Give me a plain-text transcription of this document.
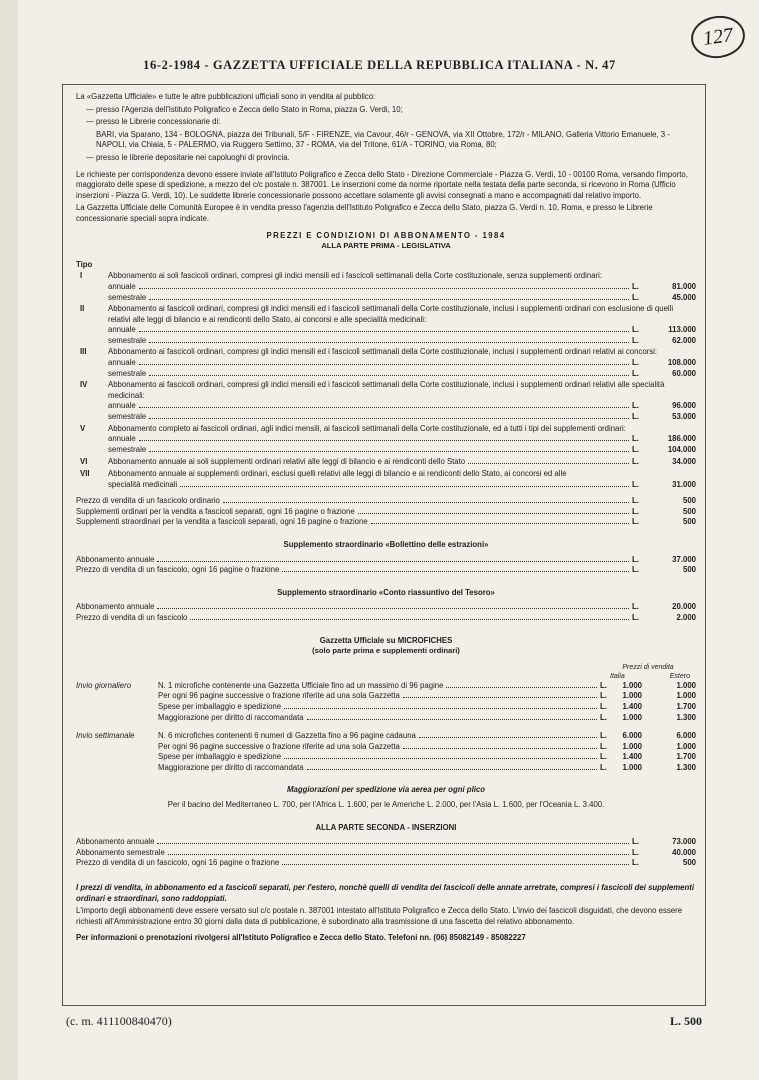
127
16-2-1984 - GAZZETTA UFFICIALE DELLA REPUBBLICA ITALIANA - N. 47
La «Gazzetta Ufficiale» e tutte le altre pubblicazioni ufficiali sono in vendita al pubblico:
— presso l'Agenzia dell'Istituto Poligrafico e Zecca dello Stato in Roma, piazza G. Verdi, 10;
— presso le Librerie concessionarie di:
BARI, via Sparano, 134 - BOLOGNA, piazza dei Tribunali, 5/F - FIRENZE, via Cavour, 46/r - GENOVA, via XII Ottobre, 172/r - MILANO, Galleria Vittorio Emanuele, 3 - NAPOLI, via Chiaia, 5 - PALERMO, via Ruggero Settimo, 37 - ROMA, via del Tritone, 61/A - TORINO, via Roma, 80;
— presso le librerie depositarie nei capoluoghi di provincia.
Le richieste per corrispondenza devono essere inviate all'Istituto Poligrafico e Zecca dello Stato - Direzione Commerciale - Piazza G. Verdi, 10 - 00100 Roma, versando l'importo, maggiorato delle spese di spedizione, a mezzo del c/c postale n. 387001. Le inserzioni come da norme riportate nella testata della parte seconda, si ricevono in Roma (Ufficio inserzioni - Piazza G. Verdi, 10). Le suddette librerie concessionarie possono accettare solamente gli avvisi consegnati a mano e accompagnati dal relativo importo.
La Gazzetta Ufficiale delle Comunità Europee è in vendita presso l'agenzia dell'Istituto Poligrafico e Zecca dello Stato, piazza G. Verdi n. 10, Roma, e presso le Librerie concessionarie speciali sopra indicate.
PREZZI E CONDIZIONI DI ABBONAMENTO - 1984
ALLA PARTE PRIMA - LEGISLATIVA
Tipo
I	Abbonamento ai soli fascicoli ordinari, compresi gli indici mensili ed i fascicoli settimanali della Corte costituzionale, senza supplementi ordinari:
annuale	L.	81.000
semestrale	L.	45.000
II	Abbonamento ai fascicoli ordinari, compresi gli indici mensili ed i fascicoli settimanali della Corte costituzionale, inclusi i supplementi ordinari con esclusione di quelli relativi alle leggi di bilancio e ai rendiconti dello Stato, ai concorsi e alle specialità medicinali:
annuale	L.	113.000
semestrale	L.	62.000
III	Abbonamento ai fascicoli ordinari, compresi gli indici mensili ed i fascicoli settimanali della Corte costituzionale, inclusi i supplementi ordinari relativi ai concorsi:
annuale	L.	108.000
semestrale	L.	60.000
IV	Abbonamento ai fascicoli ordinari, compresi gli indici mensili ed i fascicoli settimanali della Corte costituzionale, inclusi i supplementi ordinari relativi alle specialità medicinali:
annuale	L.	96.000
semestrale	L.	53.000
V	Abbonamento completo ai fascicoli ordinari, agli indici mensili, ai fascicoli settimanali della Corte costituzionale, ed a tutti i tipi dei supplementi ordinari:
annuale	L.	186.000
semestrale	L.	104.000
VI	Abbonamento annuale ai soli supplementi ordinari relativi alle leggi di bilancio e ai rendiconti dello Stato	L.	34.000
VII	Abbonamento annuale ai supplementi ordinari, esclusi quelli relativi alle leggi di bilancio e ai rendiconti dello Stato, ai concorsi ed alle
specialità medicinali	L.	31.000
Prezzo di vendita di un fascicolo ordinario	L.	500
Supplementi ordinari per la vendita a fascicoli separati, ogni 16 pagine o frazione	L.	500
Supplementi straordinari per la vendita a fascicoli separati, ogni 16 pagine o frazione	L.	500
Supplemento straordinario «Bollettino delle estrazioni»
Abbonamento annuale	L.	37.000
Prezzo di vendita di un fascicolo, ogni 16 pagine o frazione	L.	500
Supplemento straordinario «Conto riassuntivo del Tesoro»
Abbonamento annuale	L.	20.000
Prezzo di vendita di un fascicolo	L.	2.000
Gazzetta Ufficiale su MICROFICHES
(solo parte prima e supplementi ordinari)
Prezzi di vendita
Italia	Estero
Invio giornaliero	N. 1 microfiche contenente una Gazzetta Ufficiale fino ad un massimo di 96 pagine	L.	1.000	1.000
Per ogni 96 pagine successive o frazione riferite ad una sola Gazzetta	L.	1.000	1.000
Spese per imballaggio e spedizione	L.	1.400	1.700
Maggiorazione per diritto di raccomandata	L.	1.000	1.300
Invio settimanale	N. 6 microfiches contenenti 6 numeri di Gazzetta fino a 96 pagine cadauna	L.	6.000	6.000
Per ogni 96 pagine successive o frazione riferite ad una sola Gazzetta	L.	1.000	1.000
Spese per imballaggio e spedizione	L.	1.400	1.700
Maggiorazione per diritto di raccomandata	L.	1.000	1.300
Maggiorazioni per spedizione via aerea per ogni plico
Per il bacino del Mediterraneo L. 700, per l'Africa L. 1.600, per le Americhe L. 2.000, per l'Asia L. 1.600, per l'Oceania L. 3.400.
ALLA PARTE SECONDA - INSERZIONI
Abbonamento annuale	L.	73.000
Abbonamento semestrale	L.	40.000
Prezzo di vendita di un fascicolo, ogni 16 pagine o frazione	L.	500
I prezzi di vendita, in abbonamento ed a fascicoli separati, per l'estero, nonchè quelli di vendita dei fascicoli delle annate arretrate, compresi i fascicoli dei supplementi ordinari e straordinari, sono raddoppiati.
L'importo degli abbonamenti deve essere versato sul c/c postale n. 387001 intestato all'Istituto Poligrafico e Zecca dello Stato. L'invio dei fascicoli disguidati, che devono essere richiesti all'Amministrazione entro 30 giorni dalla data di pubblicazione, è subordinato alla trasmissione di una fascetta del relativo abbonamento.
Per informazioni o prenotazioni rivolgersi all'Istituto Poligrafico e Zecca dello Stato. Telefoni nn. (06) 85082149 - 85082227
(c. m. 411100840470)	L. 500
